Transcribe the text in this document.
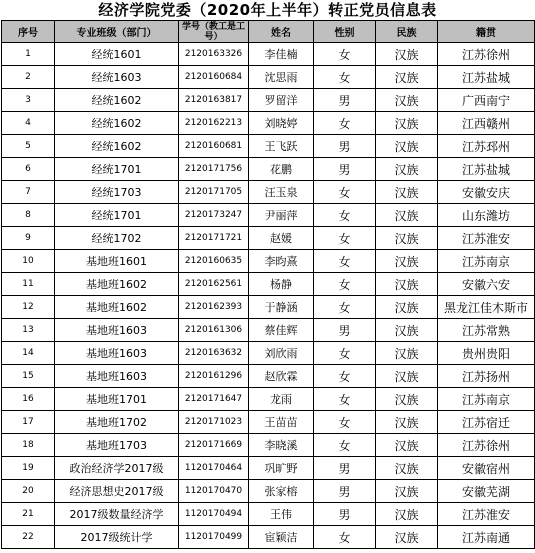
经济学院党委（2020年上半年）转正党员信息表
序号	专业班级（部门）	学号（教工是工号）	姓名	性别	民族	籍贯
1	经统1601	2120163326	李佳楠	女	汉族	江苏徐州
2	经统1603	2120160684	沈思雨	女	汉族	江苏盐城
3	经统1602	2120163817	罗留洋	男	汉族	广西南宁
4	经统1602	2120162213	刘晓婷	女	汉族	江西赣州
5	经统1602	2120160681	王飞跃	男	汉族	江苏邳州
6	经统1701	2120171756	花鹏	男	汉族	江苏盐城
7	经统1703	2120171705	汪玉泉	女	汉族	安徽安庆
8	经统1701	2120173247	尹丽萍	女	汉族	山东潍坊
9	经统1702	2120171721	赵媛	女	汉族	江苏淮安
10	基地班1601	2120160635	李昀熹	女	汉族	江苏南京
11	基地班1602	2120162561	杨静	女	汉族	安徽六安
12	基地班1602	2120162393	于静涵	女	汉族	黑龙江佳木斯市
13	基地班1603	2120161306	蔡佳辉	男	汉族	江苏常熟
14	基地班1603	2120163632	刘欣雨	女	汉族	贵州贵阳
15	基地班1603	2120161296	赵欣霖	女	汉族	江苏扬州
16	基地班1701	2120171647	龙雨	女	汉族	江苏南京
17	基地班1702	2120171023	王苗苗	女	汉族	江苏宿迁
18	基地班1703	2120171669	李晓溪	女	汉族	江苏徐州
19	政治经济学2017级	1120170464	巩旷野	男	汉族	安徽宿州
20	经济思想史2017级	1120170470	张家榕	男	汉族	安徽芜湖
21	2017级数量经济学	1120170494	王伟	男	汉族	江苏淮安
22	2017级统计学	1120170499	宦颖洁	女	汉族	江苏南通
